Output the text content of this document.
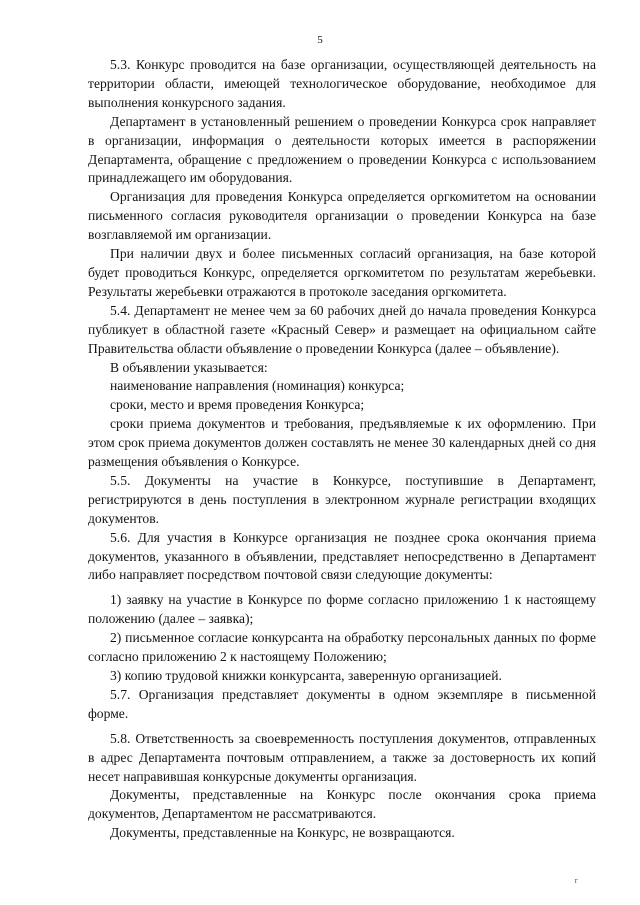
5

5.3. Конкурс проводится на базе организации, осуществляющей деятельность на территории области, имеющей технологическое оборудование, необходимое для выполнения конкурсного задания.

Департамент в установленный решением о проведении Конкурса срок направляет в организации, информация о деятельности которых имеется в распоряжении Департамента, обращение с предложением о проведении Конкурса с использованием принадлежащего им оборудования.

Организация для проведения Конкурса определяется оргкомитетом на основании письменного согласия руководителя организации о проведении Конкурса на базе возглавляемой им организации.

При наличии двух и более письменных согласий организация, на базе которой будет проводиться Конкурс, определяется оргкомитетом по результатам жеребьевки. Результаты жеребьевки отражаются в протоколе заседания оргкомитета.

5.4. Департамент не менее чем за 60 рабочих дней до начала проведения Конкурса публикует в областной газете «Красный Север» и размещает на официальном сайте Правительства области объявление о проведении Конкурса (далее – объявление).

В объявлении указывается:

наименование направления (номинация) конкурса;

сроки, место и время проведения Конкурса;

сроки приема документов и требования, предъявляемые к их оформлению. При этом срок приема документов должен составлять не менее 30 календарных дней со дня размещения объявления о Конкурсе.

5.5. Документы на участие в Конкурсе, поступившие в Департамент, регистрируются в день поступления в электронном журнале регистрации входящих документов.

5.6. Для участия в Конкурсе организация не позднее срока окончания приема документов, указанного в объявлении, представляет непосредственно в Департамент либо направляет посредством почтовой связи следующие документы:

1) заявку на участие в Конкурсе по форме согласно приложению 1 к настоящему положению (далее – заявка);

2) письменное согласие конкурсанта на обработку персональных данных по форме согласно приложению 2 к настоящему Положению;

3) копию трудовой книжки конкурсанта, заверенную организацией.

5.7. Организация представляет документы в одном экземпляре в письменной форме.

5.8. Ответственность за своевременность поступления документов, отправленных в адрес Департамента почтовым отправлением, а также за достоверность их копий несет направившая конкурсные документы организация.

Документы, представленные на Конкурс после окончания срока приема документов, Департаментом не рассматриваются.

Документы, представленные на Конкурс, не возвращаются.

г
